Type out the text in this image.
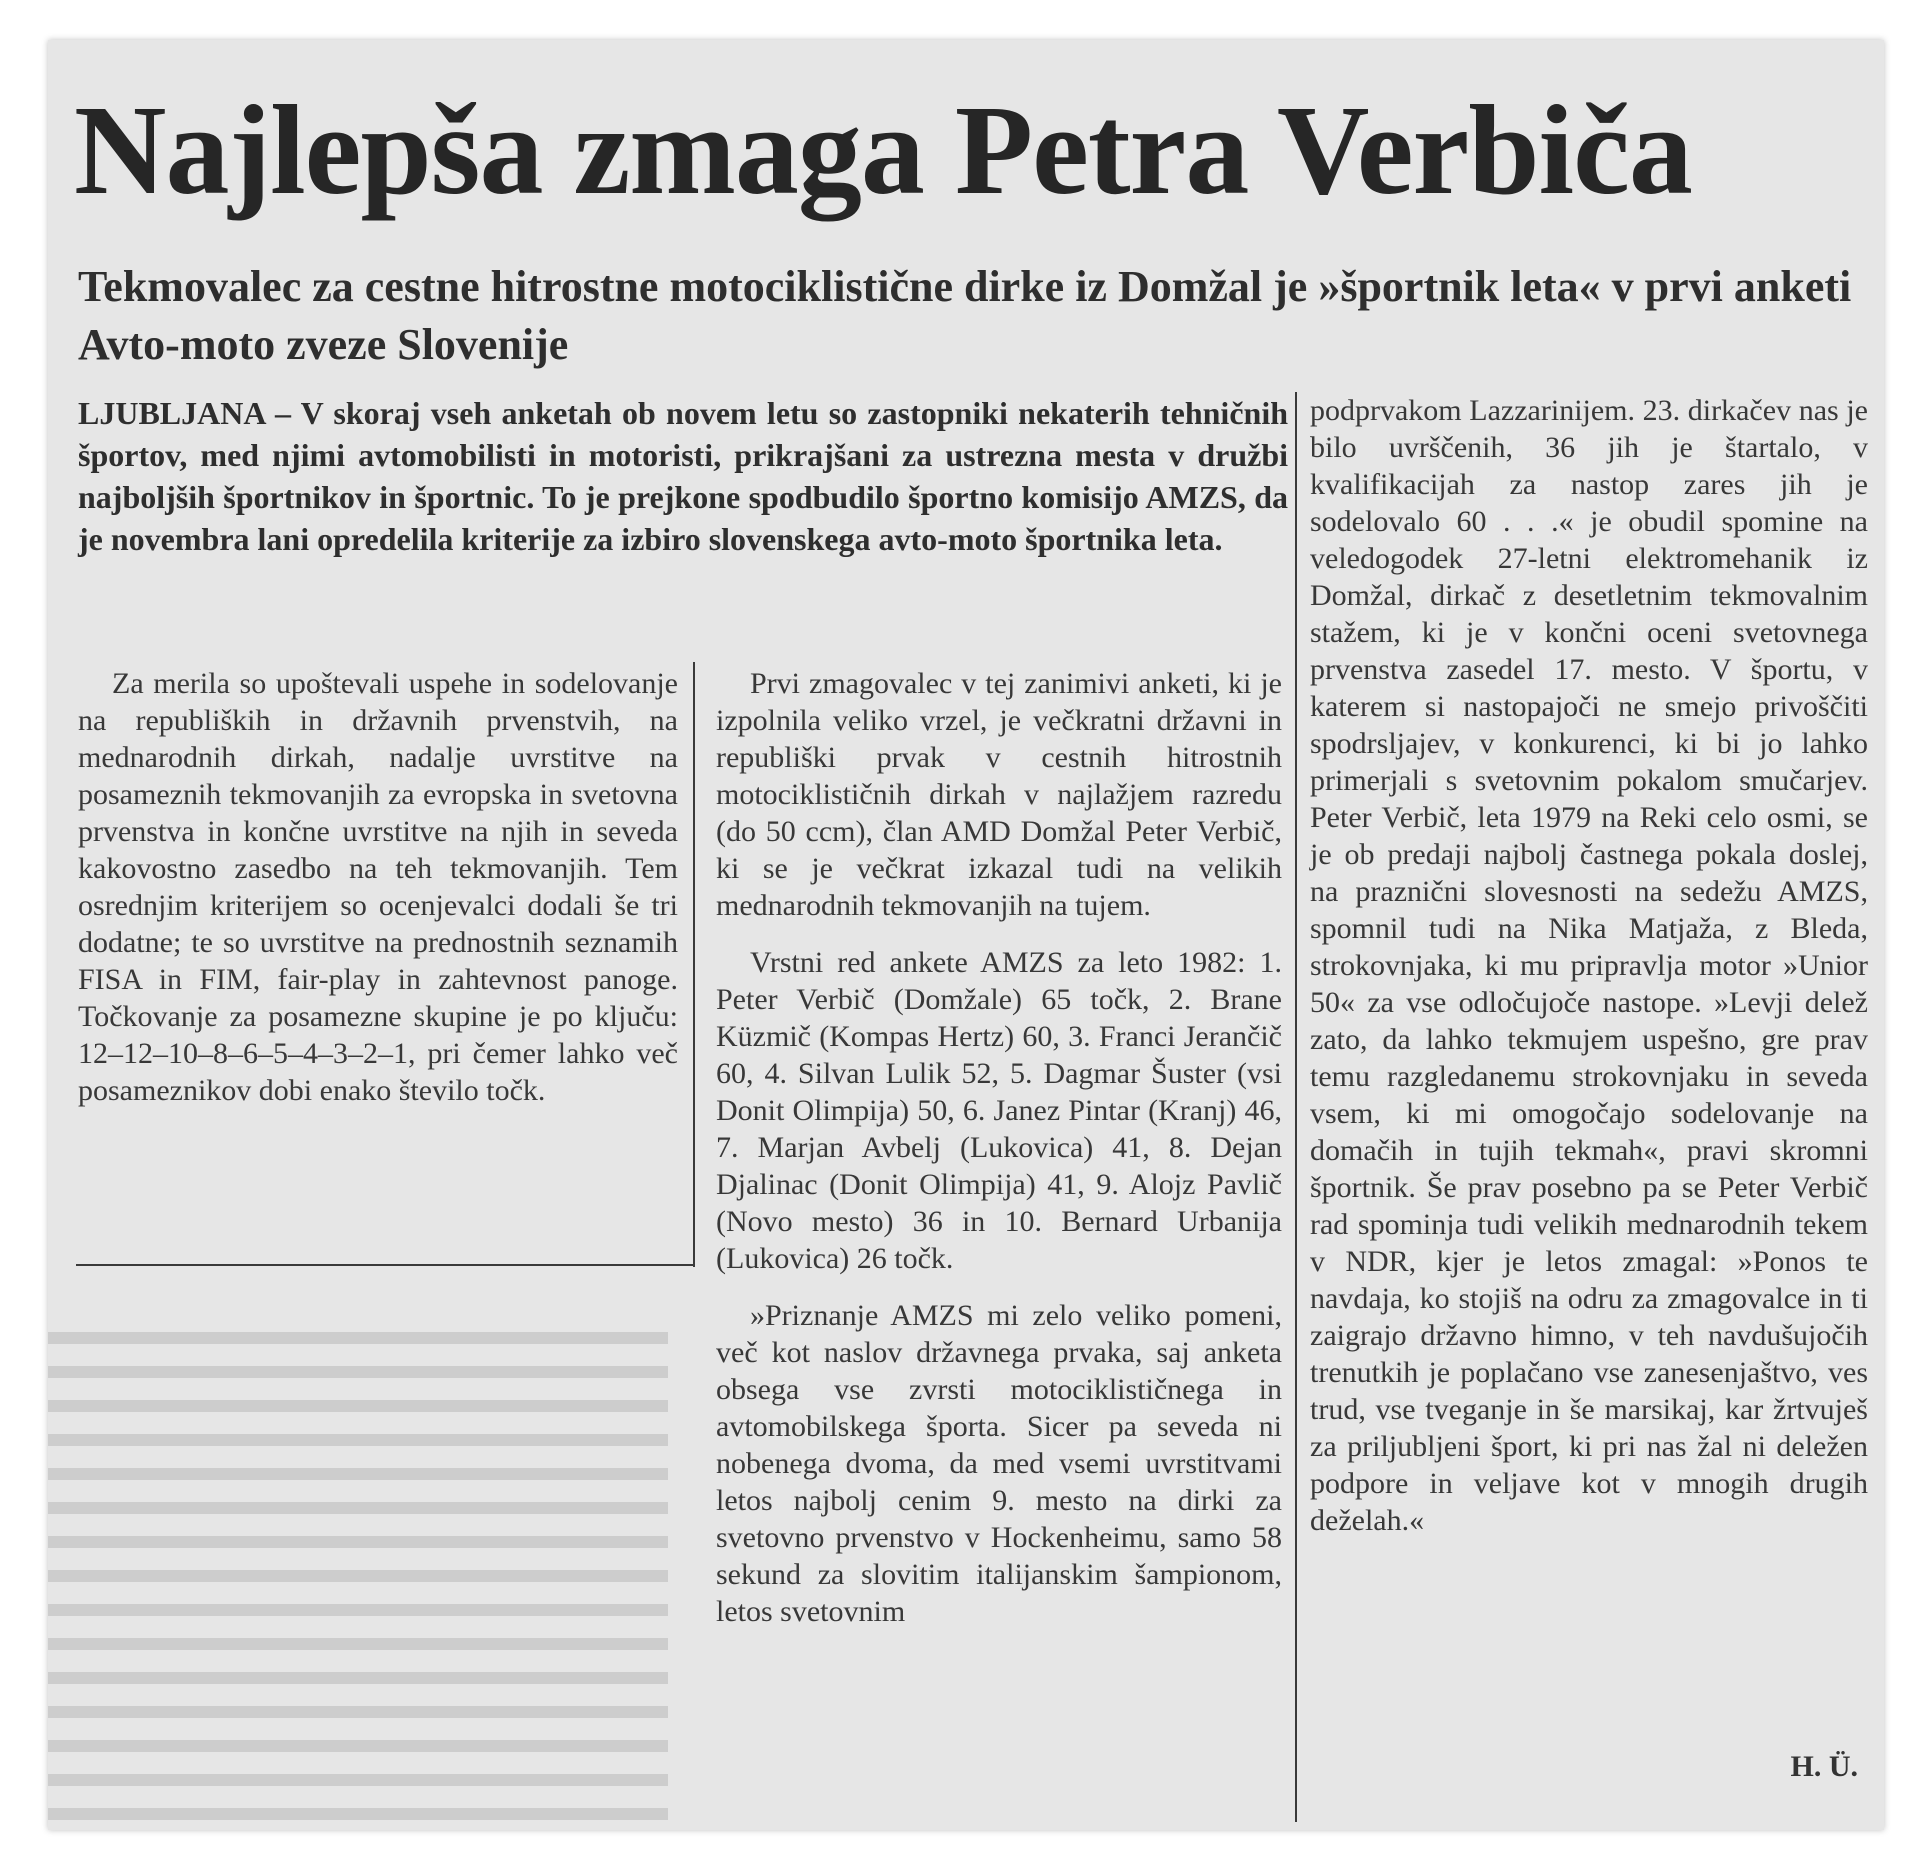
Najlepša zmaga Petra Verbiča
Tekmovalec za cestne hitrostne motociklistične dirke iz Domžal je »športnik leta« v prvi anketi Avto-moto zveze Slovenije

LJUBLJANA – V skoraj vseh anketah ob novem letu so zastopniki nekaterih tehničnih športov, med njimi avtomobilisti in motoristi, prikrajšani za ustrezna mesta v družbi najboljših športnikov in športnic. To je prejkone spodbudilo športno komisijo AMZS, da je novembra lani opredelila kriterije za izbiro slovenskega avto-moto športnika leta.

Za merila so upoštevali uspehe in sodelovanje na republiških in državnih prvenstvih, na mednarodnih dirkah, nadalje uvrstitve na posameznih tekmovanjih za evropska in svetovna prvenstva in končne uvrstitve na njih in seveda kakovostno zasedbo na teh tekmovanjih. Tem osrednjim kriterijem so ocenjevalci dodali še tri dodatne; te so uvrstitve na prednostnih seznamih FISA in FIM, fair-play in zahtevnost panoge. Točkovanje za posamezne skupine je po ključu: 12–12–10–8–6–5–4–3–2–1, pri čemer lahko več posameznikov dobi enako število točk.

Prvi zmagovalec v tej zanimivi anketi, ki je izpolnila veliko vrzel, je večkratni državni in republiški prvak v cestnih hitrostnih motociklističnih dirkah v najlažjem razredu (do 50 ccm), član AMD Domžal Peter Verbič, ki se je večkrat izkazal tudi na velikih mednarodnih tekmovanjih na tujem.

Vrstni red ankete AMZS za leto 1982: 1. Peter Verbič (Domžale) 65 točk, 2. Brane Küzmič (Kompas Hertz) 60, 3. Franci Jerančič 60, 4. Silvan Lulik 52, 5. Dagmar Šuster (vsi Donit Olimpija) 50, 6. Janez Pintar (Kranj) 46, 7. Marjan Avbelj (Lukovica) 41, 8. Dejan Djalinac (Donit Olimpija) 41, 9. Alojz Pavlič (Novo mesto) 36 in 10. Bernard Urbanija (Lukovica) 26 točk.

»Priznanje AMZS mi zelo veliko pomeni, več kot naslov državnega prvaka, saj anketa obsega vse zvrsti motociklističnega in avtomobilskega športa. Sicer pa seveda ni nobenega dvoma, da med vsemi uvrstitvami letos najbolj cenim 9. mesto na dirki za svetovno prvenstvo v Hockenheimu, samo 58 sekund za slovitim italijanskim šampionom, letos svetovnim

podprvakom Lazzarinijem. 23. dirkačev nas je bilo uvrščenih, 36 jih je štartalo, v kvalifikacijah za nastop zares jih je sodelovalo 60 . . .« je obudil spomine na veledogodek 27-letni elektromehanik iz Domžal, dirkač z desetletnim tekmovalnim stažem, ki je v končni oceni svetovnega prvenstva zasedel 17. mesto. V športu, v katerem si nastopajoči ne smejo privoščiti spodrsljajev, v konkurenci, ki bi jo lahko primerjali s svetovnim pokalom smučarjev. Peter Verbič, leta 1979 na Reki celo osmi, se je ob predaji najbolj častnega pokala doslej, na praznični slovesnosti na sedežu AMZS, spomnil tudi na Nika Matjaža, z Bleda, strokovnjaka, ki mu pripravlja motor »Unior 50« za vse odločujoče nastope. »Levji delež zato, da lahko tekmujem uspešno, gre prav temu razgledanemu strokovnjaku in seveda vsem, ki mi omogočajo sodelovanje na domačih in tujih tekmah«, pravi skromni športnik. Še prav posebno pa se Peter Verbič rad spominja tudi velikih mednarodnih tekem v NDR, kjer je letos zmagal: »Ponos te navdaja, ko stojiš na odru za zmagovalce in ti zaigrajo državno himno, v teh navdušujočih trenutkih je poplačano vse zanesenjaštvo, ves trud, vse tveganje in še marsikaj, kar žrtvuješ za priljubljeni šport, ki pri nas žal ni deležen podpore in veljave kot v mnogih drugih deželah.«

H. Ü.
